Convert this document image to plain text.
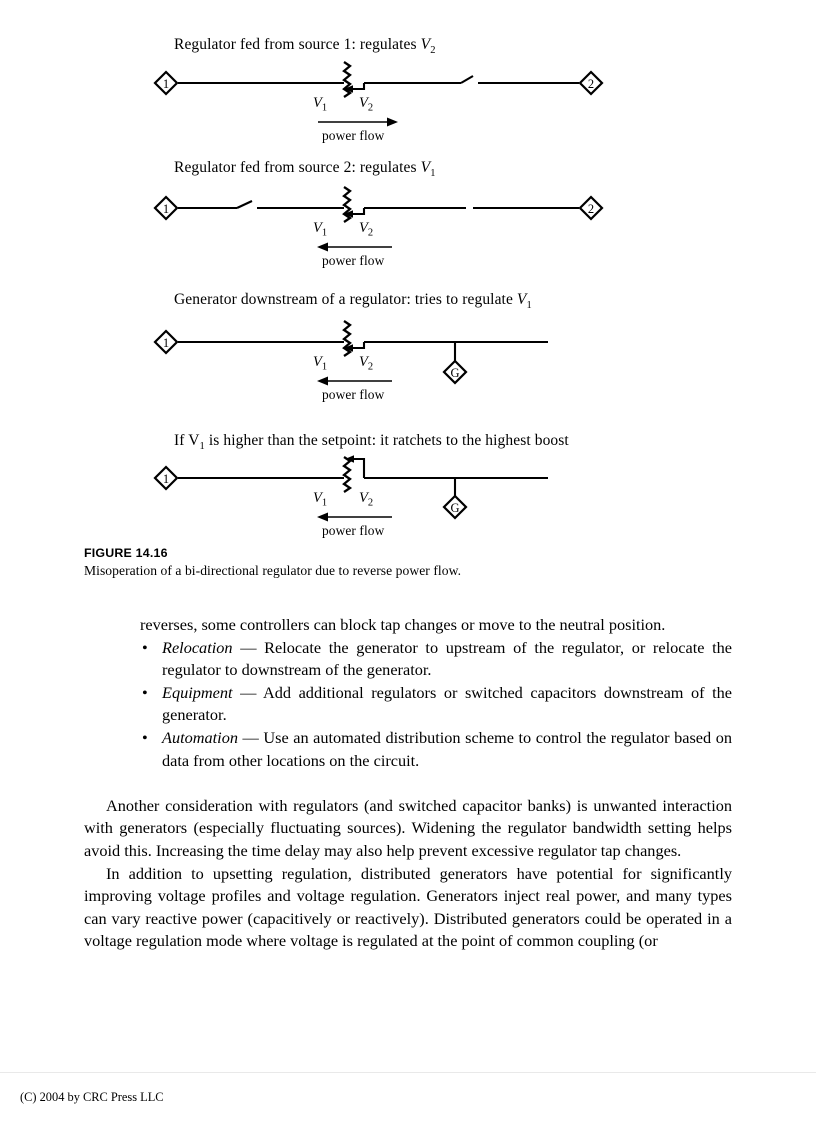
Regulator fed from source 1: regulates $V_2$
1	2
$V_1$ $V_2$
power flow
Regulator fed from source 2: regulates $V_1$
1	2
$V_1$ $V_2$
power flow
Generator downstream of a regulator: tries to regulate $V_1$
G
1
$V_1$ $V_2$
power flow
If $V_1$ is higher than the setpoint: it ratchets to the highest boost
G
1
$V_1$ $V_2$
power flow
FIGURE 14.16
Misoperation of a bi-directional regulator due to reverse power flow.
reverses, some controllers can block tap changes or move to the neutral position.
• Relocation — Relocate the generator to upstream of the regulator, or relocate the regulator to downstream of the generator.
• Equipment — Add additional regulators or switched capacitors downstream of the generator.
• Automation — Use an automated distribution scheme to control the regulator based on data from other locations on the circuit.
Another consideration with regulators (and switched capacitor banks) is unwanted interaction with generators (especially fluctuating sources). Widening the regulator bandwidth setting helps avoid this. Increasing the time delay may also help prevent excessive regulator tap changes.
In addition to upsetting regulation, distributed generators have potential for significantly improving voltage profiles and voltage regulation. Generators inject real power, and many types can vary reactive power (capacitively or reactively). Distributed generators could be operated in a voltage regulation mode where voltage is regulated at the point of common coupling (or
(C) 2004 by CRC Press LLC
